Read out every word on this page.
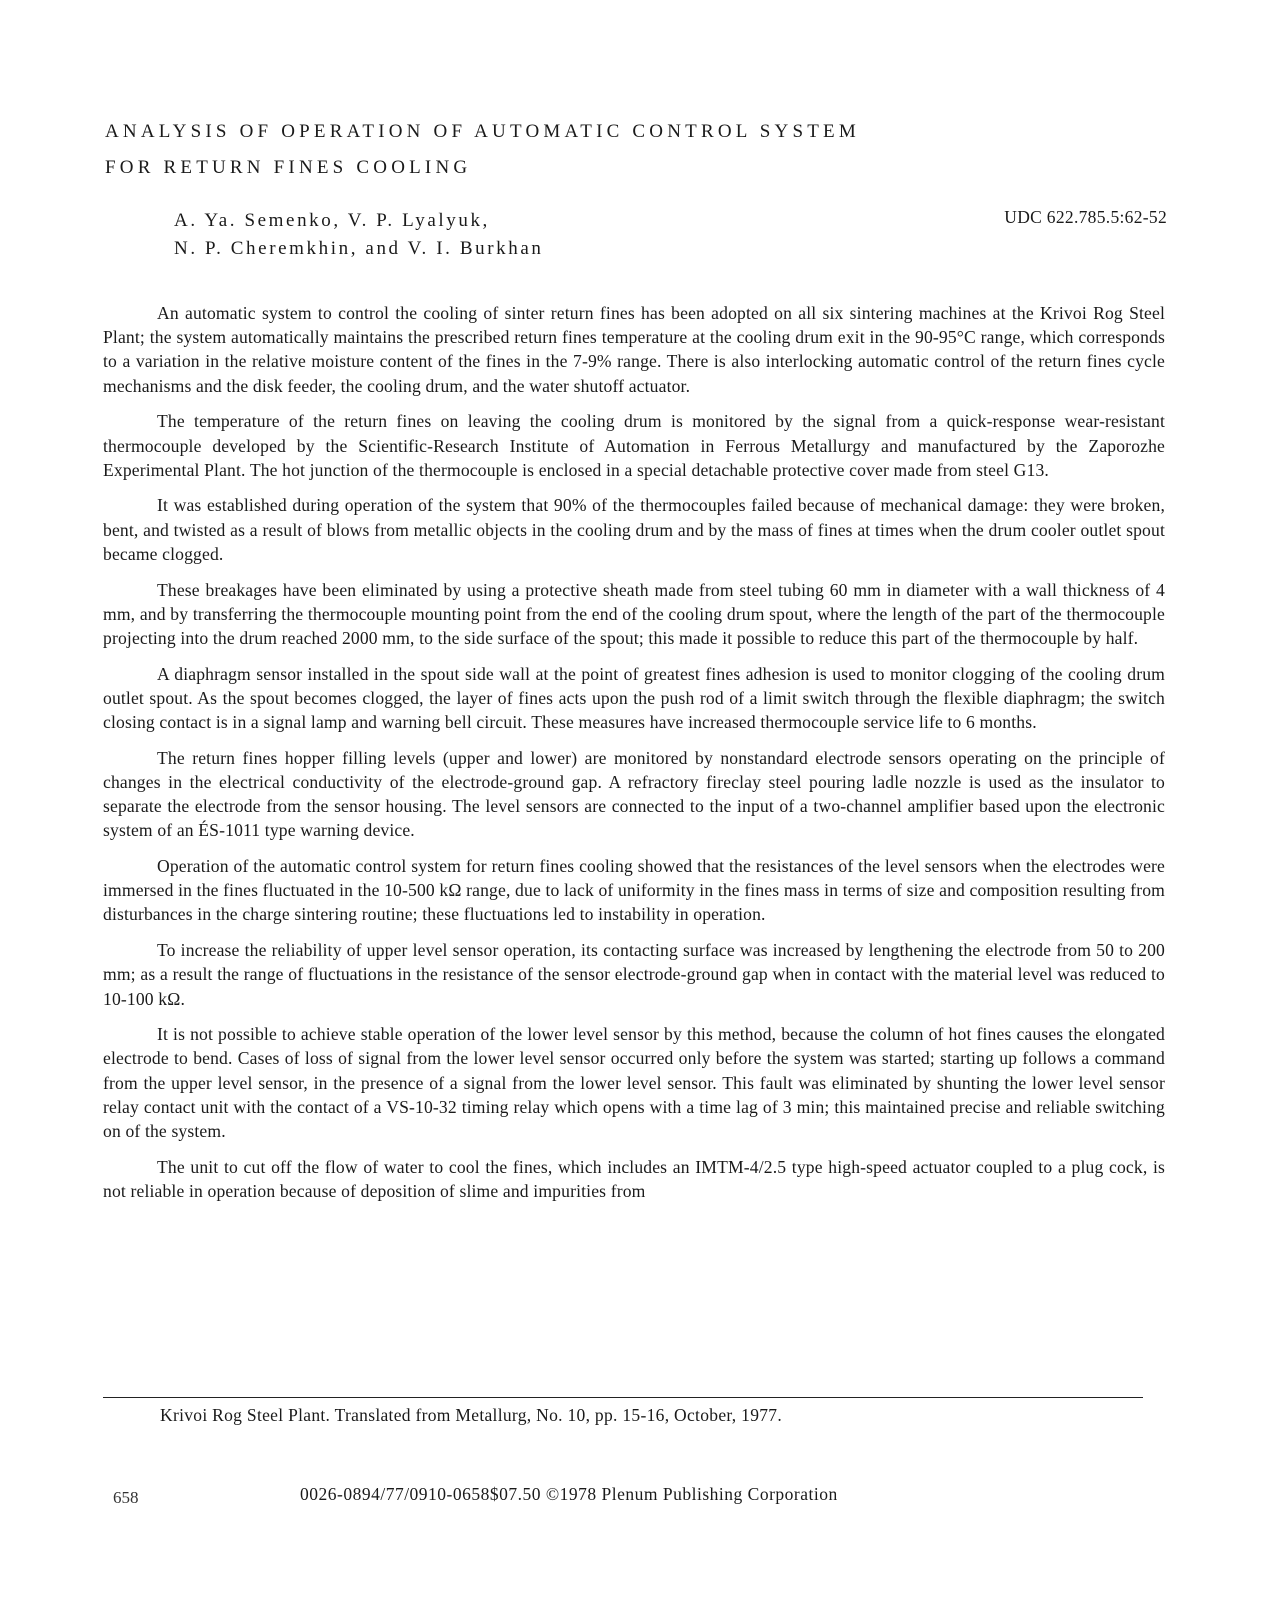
ANALYSIS OF OPERATION OF AUTOMATIC CONTROL SYSTEM
FOR RETURN FINES COOLING
A. Ya. Semenko, V. P. Lyalyuk,
N. P. Cheremkhin, and V. I. Burkhan
UDC 622.785.5:62-52

An automatic system to control the cooling of sinter return fines has been adopted on all six sintering machines at the Krivoi Rog Steel Plant; the system automatically maintains the prescribed return fines temperature at the cooling drum exit in the 90-95°C range, which corresponds to a variation in the relative moisture content of the fines in the 7-9% range. There is also interlocking automatic control of the return fines cycle mechanisms and the disk feeder, the cooling drum, and the water shutoff actuator.

The temperature of the return fines on leaving the cooling drum is monitored by the signal from a quick-response wear-resistant thermocouple developed by the Scientific-Research Institute of Automation in Ferrous Metallurgy and manufactured by the Zaporozhe Experimental Plant. The hot junction of the thermocouple is enclosed in a special detachable protective cover made from steel G13.

It was established during operation of the system that 90% of the thermocouples failed because of mechanical damage: they were broken, bent, and twisted as a result of blows from metallic objects in the cooling drum and by the mass of fines at times when the drum cooler outlet spout became clogged.

These breakages have been eliminated by using a protective sheath made from steel tubing 60 mm in diameter with a wall thickness of 4 mm, and by transferring the thermocouple mounting point from the end of the cooling drum spout, where the length of the part of the thermocouple projecting into the drum reached 2000 mm, to the side surface of the spout; this made it possible to reduce this part of the thermocouple by half.

A diaphragm sensor installed in the spout side wall at the point of greatest fines adhesion is used to monitor clogging of the cooling drum outlet spout. As the spout becomes clogged, the layer of fines acts upon the push rod of a limit switch through the flexible diaphragm; the switch closing contact is in a signal lamp and warning bell circuit. These measures have increased thermocouple service life to 6 months.

The return fines hopper filling levels (upper and lower) are monitored by nonstandard electrode sensors operating on the principle of changes in the electrical conductivity of the electrode-ground gap. A refractory fireclay steel pouring ladle nozzle is used as the insulator to separate the electrode from the sensor housing. The level sensors are connected to the input of a two-channel amplifier based upon the electronic system of an ÉS-1011 type warning device.

Operation of the automatic control system for return fines cooling showed that the resistances of the level sensors when the electrodes were immersed in the fines fluctuated in the 10-500 kΩ range, due to lack of uniformity in the fines mass in terms of size and composition resulting from disturbances in the charge sintering routine; these fluctuations led to instability in operation.

To increase the reliability of upper level sensor operation, its contacting surface was increased by lengthening the electrode from 50 to 200 mm; as a result the range of fluctuations in the resistance of the sensor electrode-ground gap when in contact with the material level was reduced to 10-100 kΩ.

It is not possible to achieve stable operation of the lower level sensor by this method, because the column of hot fines causes the elongated electrode to bend. Cases of loss of signal from the lower level sensor occurred only before the system was started; starting up follows a command from the upper level sensor, in the presence of a signal from the lower level sensor. This fault was eliminated by shunting the lower level sensor relay contact unit with the contact of a VS-10-32 timing relay which opens with a time lag of 3 min; this maintained precise and reliable switching on of the system.

The unit to cut off the flow of water to cool the fines, which includes an IMTM-4/2.5 type high-speed actuator coupled to a plug cock, is not reliable in operation because of deposition of slime and impurities from

Krivoi Rog Steel Plant. Translated from Metallurg, No. 10, pp. 15-16, October, 1977.
658	0026-0894/77/0910-0658$07.50 ©1978 Plenum Publishing Corporation
